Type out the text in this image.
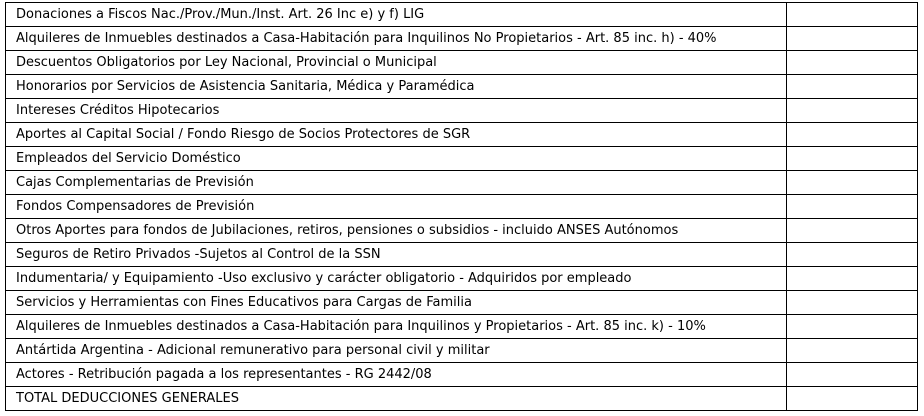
Donaciones a Fiscos Nac./Prov./Mun./Inst. Art. 26 Inc e) y f) LIG	
Alquileres de Inmuebles destinados a Casa-Habitación para Inquilinos No Propietarios - Art. 85 inc. h) - 40%	
Descuentos Obligatorios por Ley Nacional, Provincial o Municipal	
Honorarios por Servicios de Asistencia Sanitaria, Médica y Paramédica	
Intereses Créditos Hipotecarios	
Aportes al Capital Social / Fondo Riesgo de Socios Protectores de SGR	
Empleados del Servicio Doméstico	
Cajas Complementarias de Previsión	
Fondos Compensadores de Previsión	
Otros Aportes para fondos de Jubilaciones, retiros, pensiones o subsidios - incluido ANSES Autónomos	
Seguros de Retiro Privados -Sujetos al Control de la SSN	
Indumentaria/ y Equipamiento -Uso exclusivo y carácter obligatorio - Adquiridos por empleado	
Servicios y Herramientas con Fines Educativos para Cargas de Familia	
Alquileres de Inmuebles destinados a Casa-Habitación para Inquilinos y Propietarios - Art. 85 inc. k) - 10%	
Antártida Argentina - Adicional remunerativo para personal civil y militar	
Actores - Retribución pagada a los representantes - RG 2442/08	
TOTAL DEDUCCIONES GENERALES	
